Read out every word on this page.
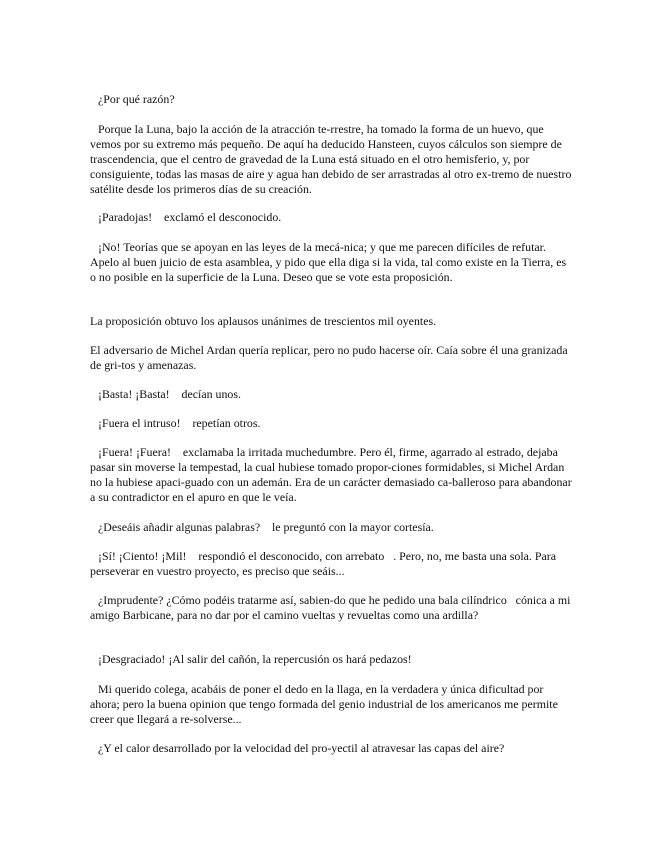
¿Por qué razón?

Porque la Luna, bajo la acción de la atracción te-rrestre, ha tomado la forma de un huevo, que vemos por su extremo más pequeño. De aquí ha deducido Hansteen, cuyos cálculos son siempre de trascendencia, que el centro de gravedad de la Luna está situado en el otro hemisferio, y, por consiguiente, todas las masas de aire y agua han debido de ser arrastradas al otro ex-tremo de nuestro satélite desde los primeros días de su creación.

¡Paradojas!    exclamó el desconocido.

¡No! Teorías que se apoyan en las leyes de la mecá-nica; y que me parecen difíciles de refutar. Apelo al buen juicio de esta asamblea, y pido que ella diga si la vida, tal como existe en la Tierra, es o no posible en la superficie de la Luna. Deseo que se vote esta proposición.

La proposición obtuvo los aplausos unánimes de trescientos mil oyentes.

El adversario de Michel Ardan quería replicar, pero no pudo hacerse oír. Caía sobre él una granizada de gri-tos y amenazas.

¡Basta! ¡Basta!    decían unos.

¡Fuera el intruso!    repetían otros.

¡Fuera! ¡Fuera!    exclamaba la irritada muchedumbre. Pero él, firme, agarrado al estrado, dejaba pasar sin moverse la tempestad, la cual hubiese tomado propor-ciones formidables, si Michel Ardan no la hubiese apaci-guado con un ademán. Era de un carácter demasiado ca-balleroso para abandonar a su contradictor en el apuro en que le veía.

¿Deseáis añadir algunas palabras?    le preguntó con la mayor cortesía.

¡Sí! ¡Ciento! ¡Mil!    respondió el desconocido, con arrebato   . Pero, no, me basta una sola. Para perseverar en vuestro proyecto, es preciso que seáis...

¿Imprudente? ¿Cómo podéis tratarme así, sabien-do que he pedido una bala cilíndrico   cónica a mi amigo Barbicane, para no dar por el camino vueltas y revueltas como una ardilla?

¡Desgraciado! ¡Al salir del cañón, la repercusión os hará pedazos!

Mi querido colega, acabáis de poner el dedo en la llaga, en la verdadera y única dificultad por ahora; pero la buena opinion que tengo formada del genio industrial de los americanos me permite creer que llegará a re-solverse...

¿Y el calor desarrollado por la velocidad del pro-yectil al atravesar las capas del aire?
